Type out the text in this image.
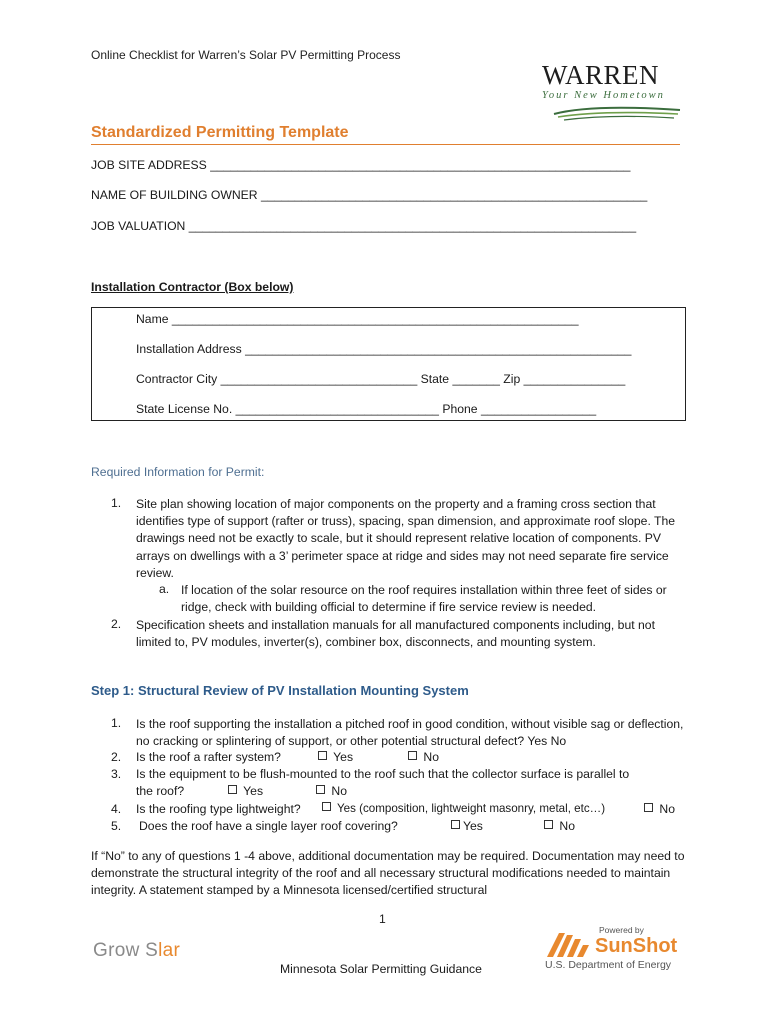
Online Checklist for Warren’s Solar PV Permitting Process
WARREN
Your New Hometown
Standardized Permitting Template
JOB SITE ADDRESS ______________________________________________________________
NAME OF BUILDING OWNER _________________________________________________________
JOB VALUATION __________________________________________________________________
Installation Contractor (Box below)
Name ____________________________________________________________
Installation Address _________________________________________________________
Contractor City _____________________________ State _______ Zip _______________
State License No. ______________________________ Phone _________________
Required Information for Permit:
1. Site plan showing location of major components on the property and a framing cross section that identifies type of support (rafter or truss), spacing, span dimension, and approximate roof slope. The drawings need not be exactly to scale, but it should represent relative location of components. PV arrays on dwellings with a 3’ perimeter space at ridge and sides may not need separate fire service review.
a. If location of the solar resource on the roof requires installation within three feet of sides or ridge, check with building official to determine if fire service review is needed.
2. Specification sheets and installation manuals for all manufactured components including, but not limited to, PV modules, inverter(s), combiner box, disconnects, and mounting system.
Step 1: Structural Review of PV Installation Mounting System
1. Is the roof supporting the installation a pitched roof in good condition, without visible sag or deflection, no cracking or splintering of support, or other potential structural defect? Yes No
2. Is the roof a rafter system?	Yes	No
3. Is the equipment to be flush-mounted to the roof such that the collector surface is parallel to
the roof?	Yes	No
4. Is the roofing type lightweight?	Yes (composition, lightweight masonry, metal, etc…)	No
5. Does the roof have a single layer roof covering?	Yes	No
If “No” to any of questions 1 -4 above, additional documentation may be required. Documentation may need to demonstrate the structural integrity of the roof and all necessary structural modifications needed to maintain integrity. A statement stamped by a Minnesota licensed/certified structural
1
Grow Slar
Minnesota Solar Permitting Guidance
Powered by
SunShot
U.S. Department of Energy
